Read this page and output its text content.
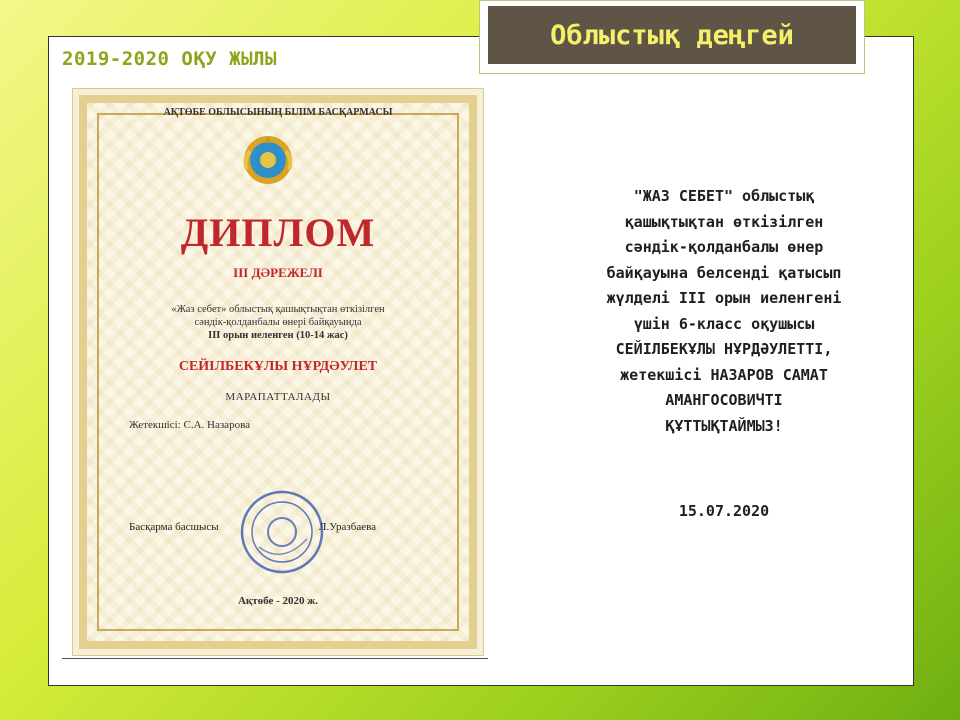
Облыстық деңгей
2019-2020 ОҚУ ЖЫЛЫ
АҚТӨБЕ ОБЛЫСЫНЫҢ БІЛІМ БАСҚАРМАСЫ
ДИПЛОМ
ІІІ ДӘРЕЖЕЛІ
«Жаз себет» облыстық қашықтықтан өткізілген
сәндік-қолданбалы өнері байқауында
ІІІ орын иеленген (10-14 жас)
СЕЙІЛБЕКҰЛЫ НҰРДӘУЛЕТ
МАРАПАТТАЛАДЫ
Жетекшісі: С.А. Назарова
Басқарма басшысы	Л.Уразбаева
Ақтөбе - 2020 ж.
"ЖАЗ СЕБЕТ" облыстық
қашықтықтан өткізілген
сәндік-қолданбалы өнер
байқауына белсенді қатысып
жүлделі ІІІ орын иеленгені
үшін 6-класс оқушысы
СЕЙІЛБЕКҰЛЫ НҰРДӘУЛЕТТІ,
жетекшісі НАЗАРОВ САМАТ
АМАНГОСОВИЧТІ
ҚҰТТЫҚТАЙМЫЗ!
15.07.2020
